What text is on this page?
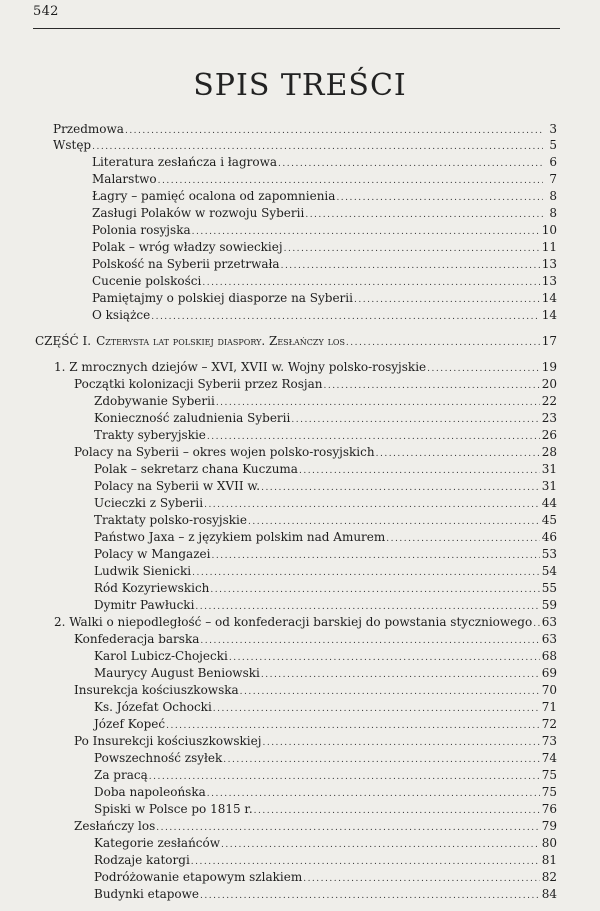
542
SPIS TREŚCI
Przedmowa .....	3
Wstęp .....	5
Literatura zesłańcza i łagrowa .....	6
Malarstwo .....	7
Łagry – pamięć ocalona od zapomnienia .....	8
Zasługi Polaków w rozwoju Syberii .....	8
Polonia rosyjska .....	10
Polak – wróg władzy sowieckiej .....	11
Polskość na Syberii przetrwała .....	13
Cucenie polskości .....	13
Pamiętajmy o polskiej diasporze na Syberii .....	14
O książce .....	14
CZĘŚĆ I. Czterysta lat polskiej diaspory. Zesłańczy los .....	17
1. Z mrocznych dziejów – XVI, XVII w. Wojny polsko-rosyjskie .....	19
Początki kolonizacji Syberii przez Rosjan .....	20
Zdobywanie Syberii .....	22
Konieczność zaludnienia Syberii .....	23
Trakty syberyjskie .....	26
Polacy na Syberii – okres wojen polsko-rosyjskich .....	28
Polak – sekretarz chana Kuczuma .....	31
Polacy na Syberii w XVII w. .....	31
Ucieczki z Syberii .....	44
Traktaty polsko-rosyjskie .....	45
Państwo Jaxa – z językiem polskim nad Amurem .....	46
Polacy w Mangazei .....	53
Ludwik Sienicki .....	54
Ród Kozyriewskich .....	55
Dymitr Pawłucki .....	59
2. Walki o niepodległość – od konfederacji barskiej do powstania styczniowego ..... 63
Konfederacja barska .....	63
Karol Lubicz-Chojecki .....	68
Maurycy August Beniowski .....	69
Insurekcja kościuszkowska .....	70
Ks. Józefat Ochocki .....	71
Józef Kopeć .....	72
Po Insurekcji kościuszkowskiej .....	73
Powszechność zsyłek .....	74
Za pracą .....	75
Doba napoleońska .....	75
Spiski w Polsce po 1815 r. .....	76
Zesłańczy los .....	79
Kategorie zesłańców .....	80
Rodzaje katorgi .....	81
Podróżowanie etapowym szlakiem .....	82
Budynki etapowe .....	84
